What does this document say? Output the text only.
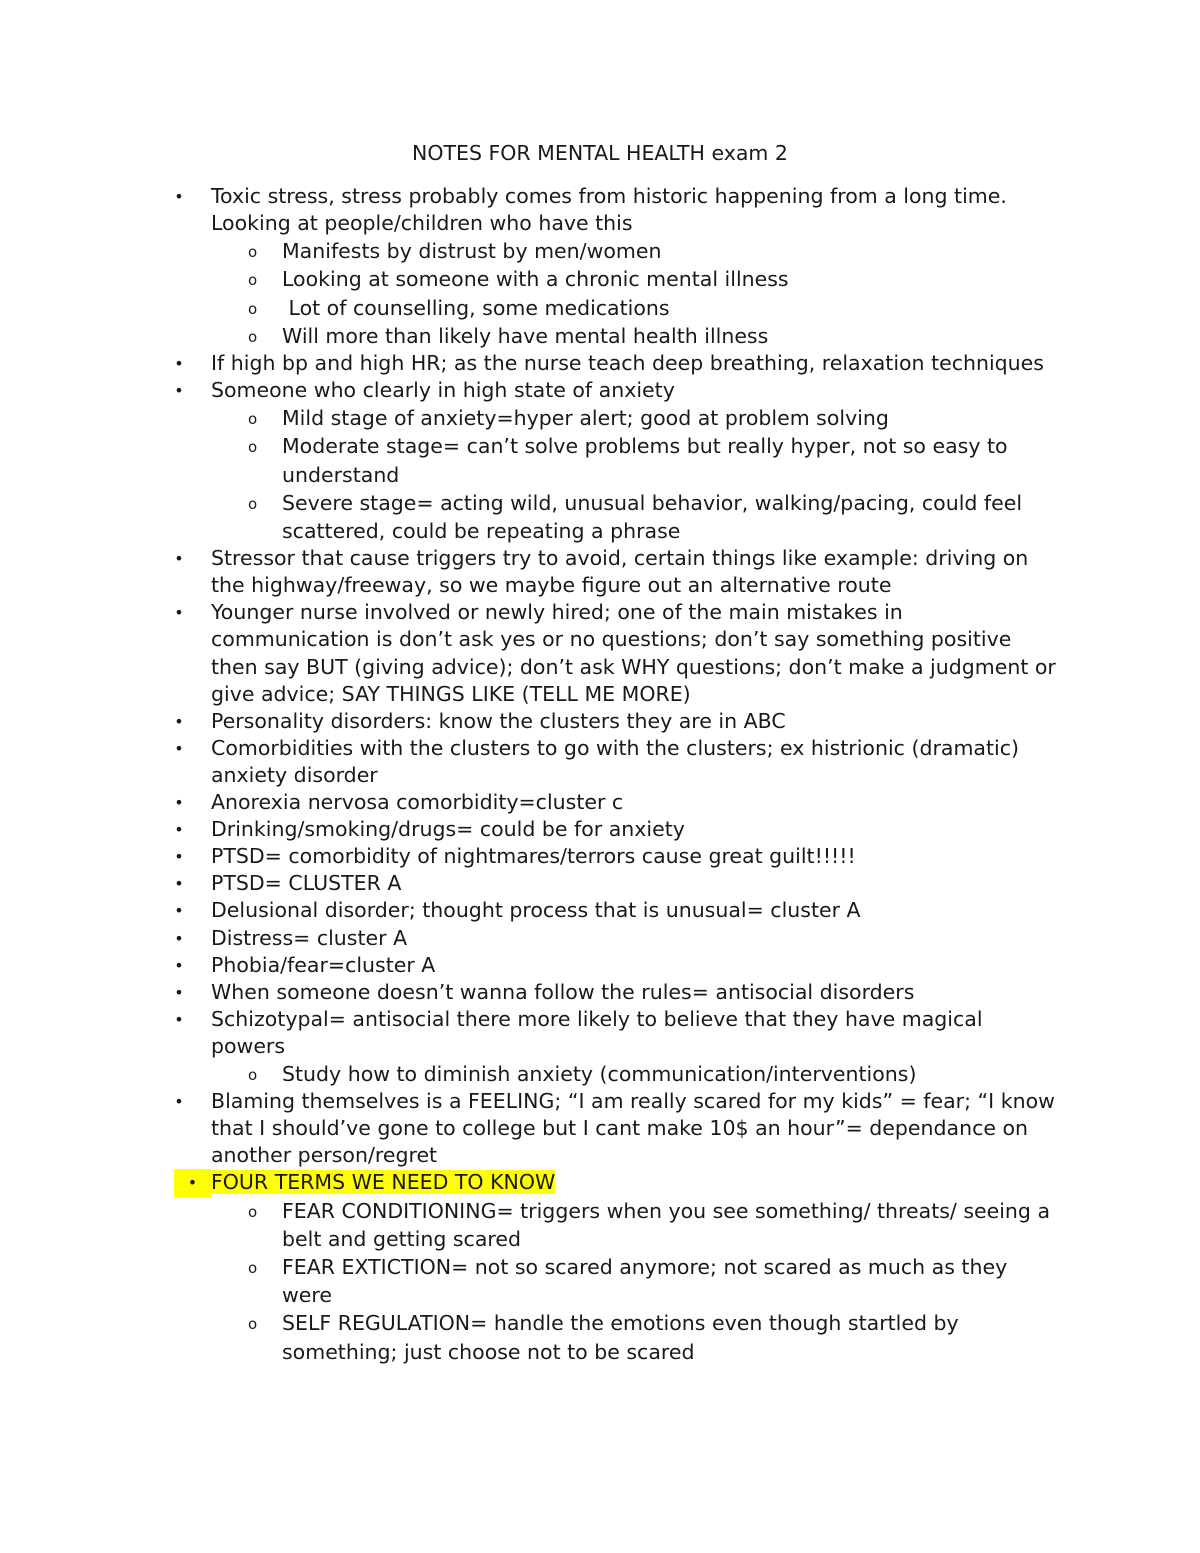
NOTES FOR MENTAL HEALTH exam 2
• Toxic stress, stress probably comes from historic happening from a long time. Looking at people/children who have this
o Manifests by distrust by men/women
o Looking at someone with a chronic mental illness
o Lot of counselling, some medications
o Will more than likely have mental health illness
• If high bp and high HR; as the nurse teach deep breathing, relaxation techniques
• Someone who clearly in high state of anxiety
o Mild stage of anxiety=hyper alert; good at problem solving
o Moderate stage= can’t solve problems but really hyper, not so easy to understand
o Severe stage= acting wild, unusual behavior, walking/pacing, could feel scattered, could be repeating a phrase
• Stressor that cause triggers try to avoid, certain things like example: driving on the highway/freeway, so we maybe figure out an alternative route
• Younger nurse involved or newly hired; one of the main mistakes in communication is don’t ask yes or no questions; don’t say something positive then say BUT (giving advice); don’t ask WHY questions; don’t make a judgment or give advice; SAY THINGS LIKE (TELL ME MORE)
• Personality disorders: know the clusters they are in ABC
• Comorbidities with the clusters to go with the clusters; ex histrionic (dramatic) anxiety disorder
• Anorexia nervosa comorbidity=cluster c
• Drinking/smoking/drugs= could be for anxiety
• PTSD= comorbidity of nightmares/terrors cause great guilt!!!!!
• PTSD= CLUSTER A
• Delusional disorder; thought process that is unusual= cluster A
• Distress= cluster A
• Phobia/fear=cluster A
• When someone doesn’t wanna follow the rules= antisocial disorders
• Schizotypal= antisocial there more likely to believe that they have magical powers
o Study how to diminish anxiety (communication/interventions)
• Blaming themselves is a FEELING; “I am really scared for my kids” = fear; “I know that I should’ve gone to college but I cant make 10$ an hour”= dependance on another person/regret
• FOUR TERMS WE NEED TO KNOW
o FEAR CONDITIONING= triggers when you see something/ threats/ seeing a belt and getting scared
o FEAR EXTICTION= not so scared anymore; not scared as much as they were
o SELF REGULATION= handle the emotions even though startled by something; just choose not to be scared
